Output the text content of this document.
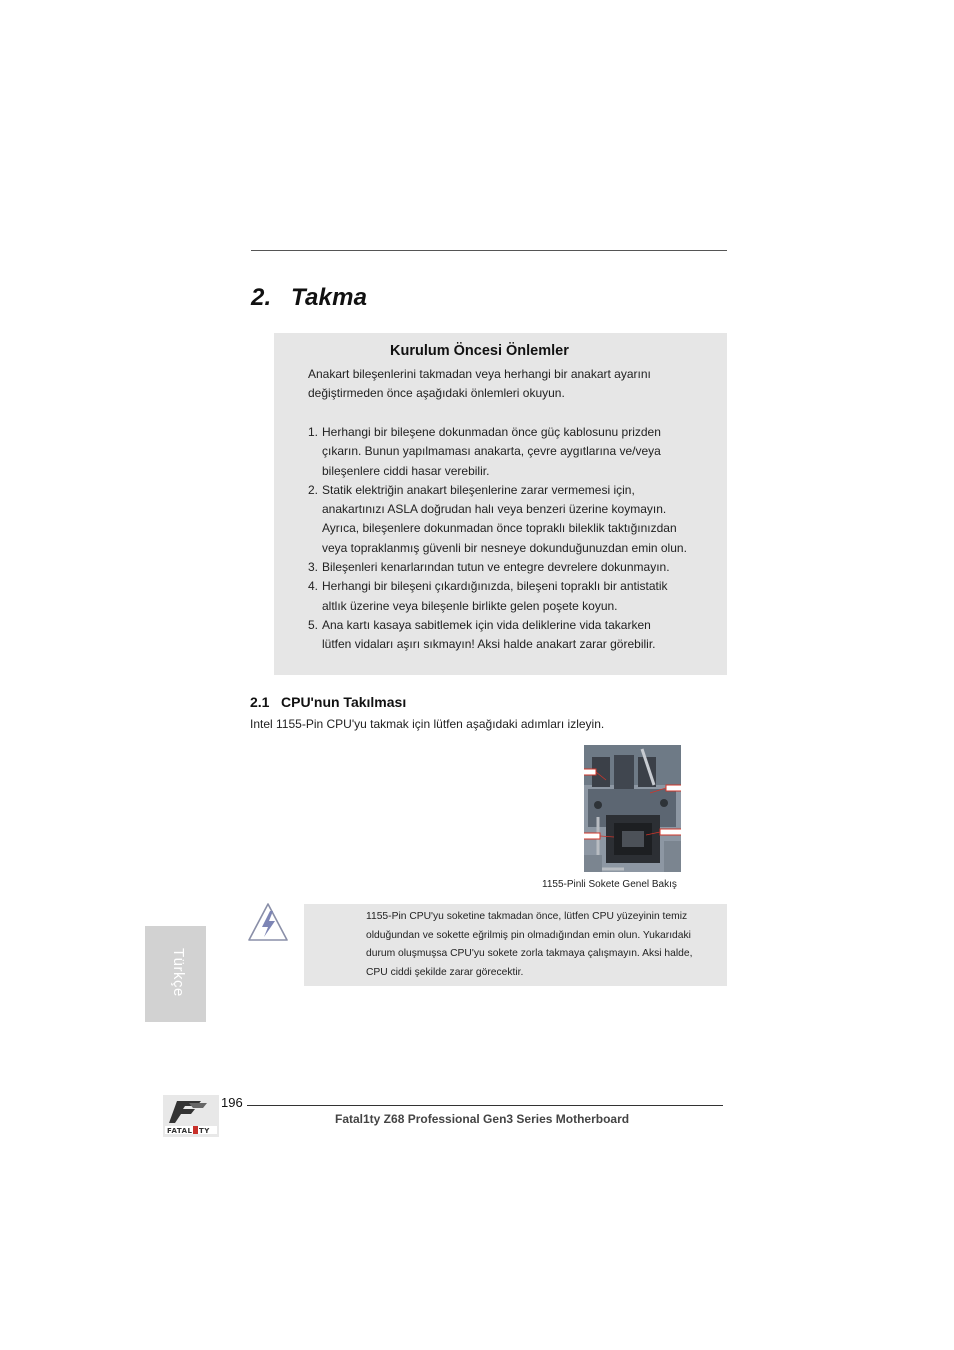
2. Takma
Kurulum Öncesi Önlemler
Anakart bileşenlerini takmadan veya herhangi bir anakart ayarını
değiştirmeden önce aşağıdaki önlemleri okuyun.
1. Herhangi bir bileşene dokunmadan önce güç kablosunu prizden
çıkarın. Bunun yapılmaması anakarta, çevre aygıtlarına ve/veya
bileşenlere ciddi hasar verebilir.
2. Statik elektriğin anakart bileşenlerine zarar vermemesi için,
anakartınızı ASLA doğrudan halı veya benzeri üzerine koymayın.
Ayrıca, bileşenlere dokunmadan önce topraklı bileklik taktığınızdan
veya topraklanmış güvenli bir nesneye dokunduğunuzdan emin olun.
3. Bileşenleri kenarlarından tutun ve entegre devrelere dokunmayın.
4. Herhangi bir bileşeni çıkardığınızda, bileşeni topraklı bir antistatik
altlık üzerine veya bileşenle birlikte gelen poşete koyun.
5. Ana kartı kasaya sabitlemek için vida deliklerine vida takarken
lütfen vidaları aşırı sıkmayın! Aksi halde anakart zarar görebilir.
2.1 CPU'nun Takılması
Intel 1155-Pin CPU'yu takmak için lütfen aşağıdaki adımları izleyin.
1155-Pinli Sokete Genel Bakış
1155-Pin CPU'yu soketine takmadan önce, lütfen CPU yüzeyinin temiz
olduğundan ve sokette eğrilmiş pin olmadığından emin olun. Yukarıdaki
durum oluşmuşsa CPU'yu sokete zorla takmaya çalışmayın. Aksi halde,
CPU ciddi şekilde zarar görecektir.
Türkçe
FATAL TY
196
Fatal1ty Z68 Professional Gen3 Series Motherboard
